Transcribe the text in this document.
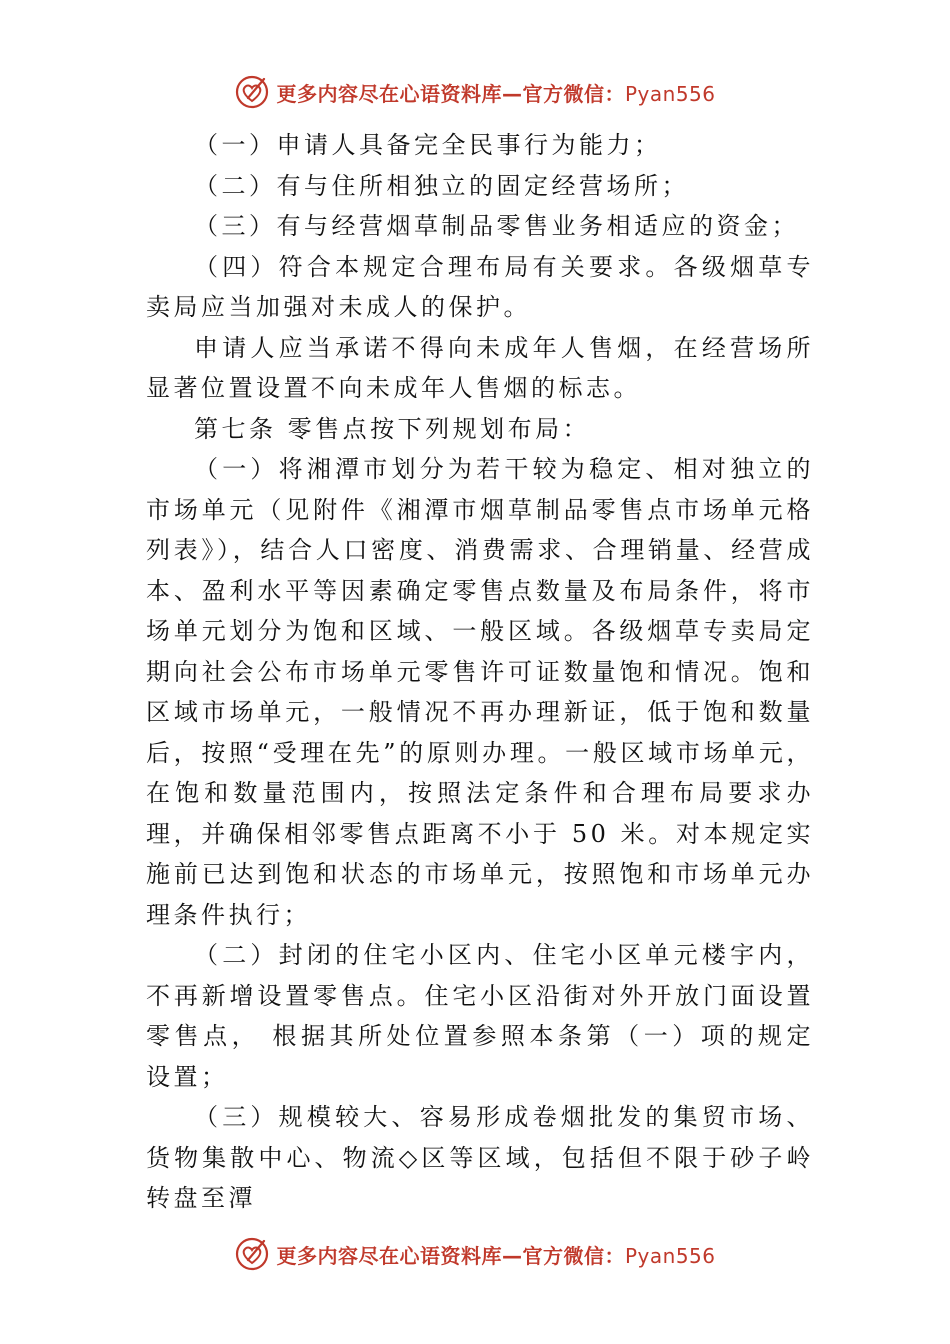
更多内容尽在心语资料库—官方微信：Pyan556

（一）申请人具备完全民事行为能力；

（二）有与住所相独立的固定经营场所；

（三）有与经营烟草制品零售业务相适应的资金；

（四）符合本规定合理布局有关要求。各级烟草专卖局应当加强对未成人的保护。

申请人应当承诺不得向未成年人售烟，在经营场所显著位置设置不向未成年人售烟的标志。

第七条 零售点按下列规划布局：

（一）将湘潭市划分为若干较为稳定、相对独立的市场单元（见附件《湘潭市烟草制品零售点市场单元格列表》），结合人口密度、消费需求、合理销量、经营成本、盈利水平等因素确定零售点数量及布局条件，将市场单元划分为饱和区域、一般区域。各级烟草专卖局定期向社会公布市场单元零售许可证数量饱和情况。饱和区域市场单元，一般情况不再办理新证，低于饱和数量后，按照“受理在先”的原则办理。一般区域市场单元，在饱和数量范围内，按照法定条件和合理布局要求办理，并确保相邻零售点距离不小于 50 米。对本规定实施前已达到饱和状态的市场单元，按照饱和市场单元办理条件执行；

（二）封闭的住宅小区内、住宅小区单元楼宇内，不再新增设置零售点。住宅小区沿街对外开放门面设置零售点， 根据其所处位置参照本条第（一）项的规定设置；

（三）规模较大、容易形成卷烟批发的集贸市场、货物集散中心、物流◇区等区域，包括但不限于砂子岭转盘至潭

更多内容尽在心语资料库—官方微信：Pyan556
